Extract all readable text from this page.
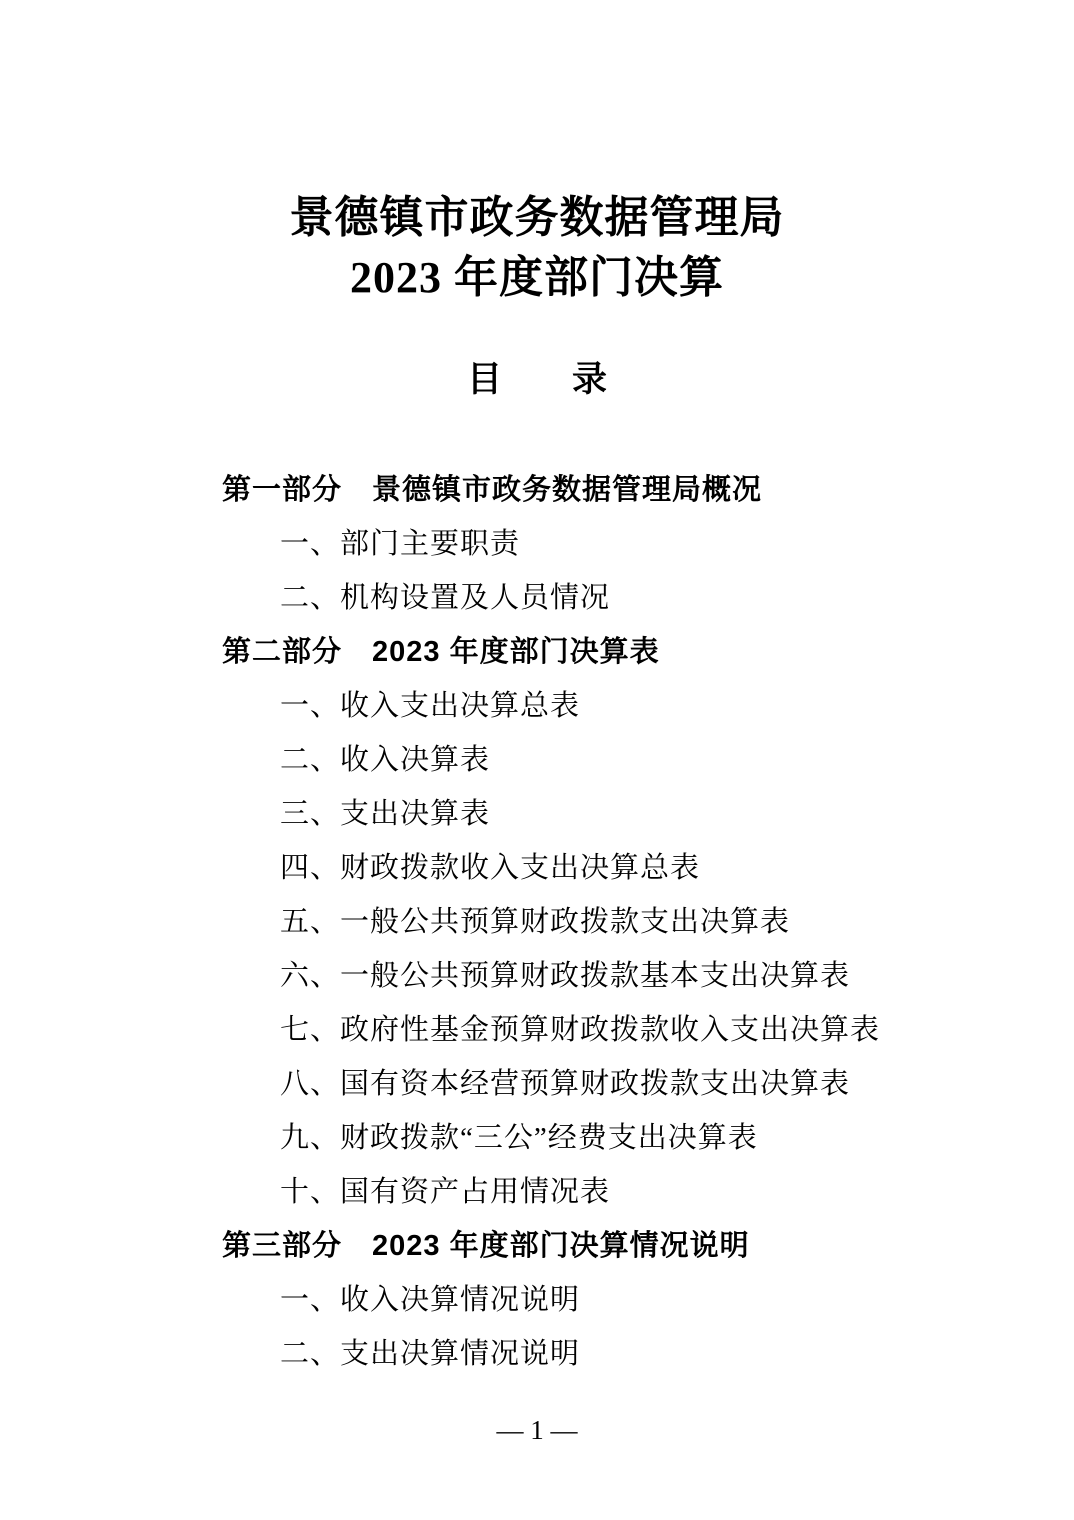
景德镇市政务数据管理局
2023 年度部门决算
目　　录
第一部分　景德镇市政务数据管理局概况
一、部门主要职责
二、机构设置及人员情况
第二部分　2023 年度部门决算表
一、收入支出决算总表
二、收入决算表
三、支出决算表
四、财政拨款收入支出决算总表
五、一般公共预算财政拨款支出决算表
六、一般公共预算财政拨款基本支出决算表
七、政府性基金预算财政拨款收入支出决算表
八、国有资本经营预算财政拨款支出决算表
九、财政拨款“三公”经费支出决算表
十、国有资产占用情况表
第三部分　2023 年度部门决算情况说明
一、收入决算情况说明
二、支出决算情况说明
— 1 —
